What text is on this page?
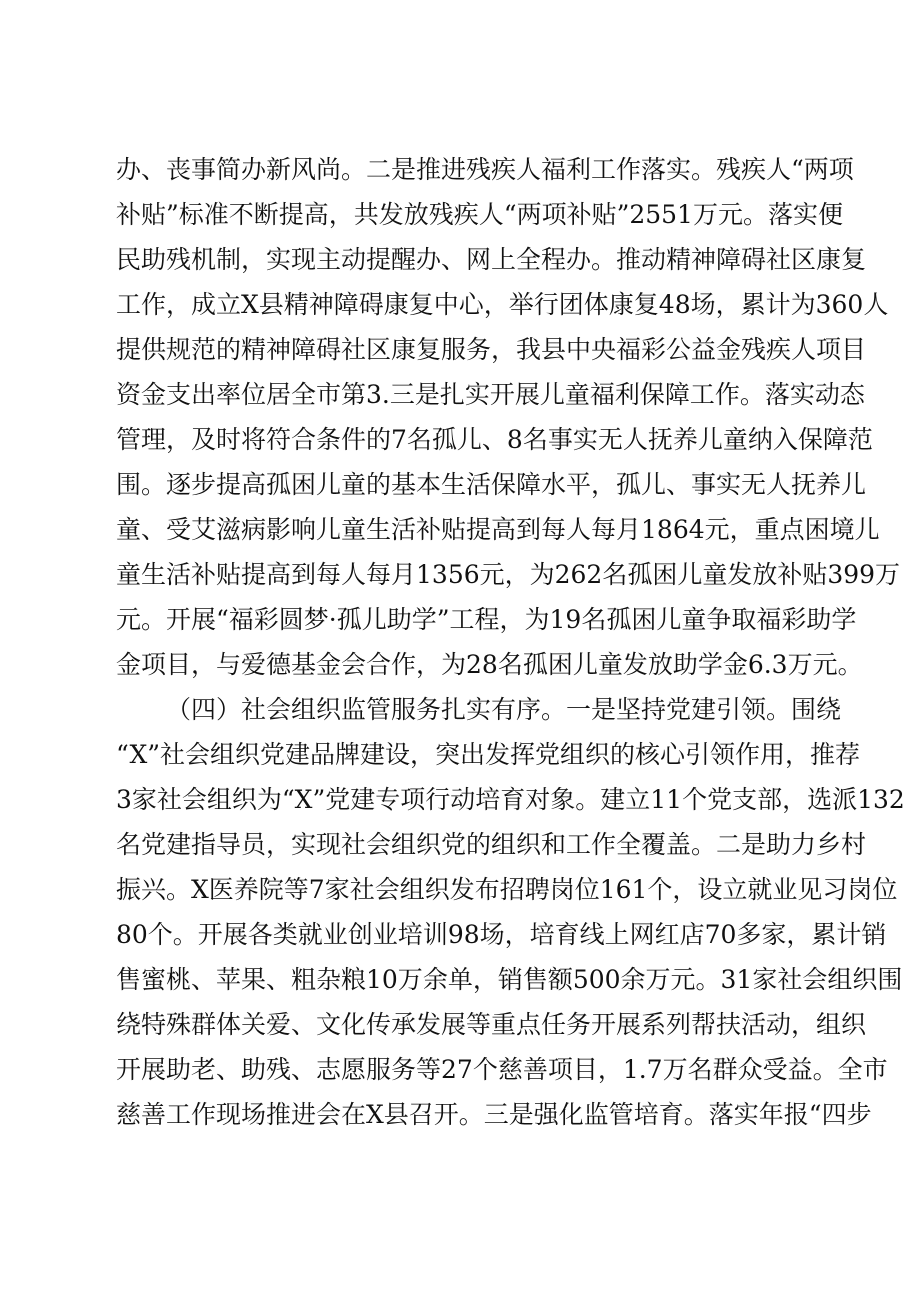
办、丧事简办新风尚。二是推进残疾人福利工作落实。残疾人“两项
补贴”标准不断提高，共发放残疾人“两项补贴”2551万元。落实便
民助残机制，实现主动提醒办、网上全程办。推动精神障碍社区康复
工作，成立X县精神障碍康复中心，举行团体康复48场，累计为360人
提供规范的精神障碍社区康复服务，我县中央福彩公益金残疾人项目
资金支出率位居全市第3.三是扎实开展儿童福利保障工作。落实动态
管理，及时将符合条件的7名孤儿、8名事实无人抚养儿童纳入保障范
围。逐步提高孤困儿童的基本生活保障水平，孤儿、事实无人抚养儿
童、受艾滋病影响儿童生活补贴提高到每人每月1864元，重点困境儿
童生活补贴提高到每人每月1356元，为262名孤困儿童发放补贴399万
元。开展“福彩圆梦·孤儿助学”工程，为19名孤困儿童争取福彩助学
金项目，与爱德基金会合作，为28名孤困儿童发放助学金6.3万元。
（四）社会组织监管服务扎实有序。一是坚持党建引领。围绕
“X”社会组织党建品牌建设，突出发挥党组织的核心引领作用，推荐
3家社会组织为“X”党建专项行动培育对象。建立11个党支部，选派132
名党建指导员，实现社会组织党的组织和工作全覆盖。二是助力乡村
振兴。X医养院等7家社会组织发布招聘岗位161个，设立就业见习岗位
80个。开展各类就业创业培训98场，培育线上网红店70多家，累计销
售蜜桃、苹果、粗杂粮10万余单，销售额500余万元。31家社会组织围
绕特殊群体关爱、文化传承发展等重点任务开展系列帮扶活动，组织
开展助老、助残、志愿服务等27个慈善项目，1.7万名群众受益。全市
慈善工作现场推进会在X县召开。三是强化监管培育。落实年报“四步
